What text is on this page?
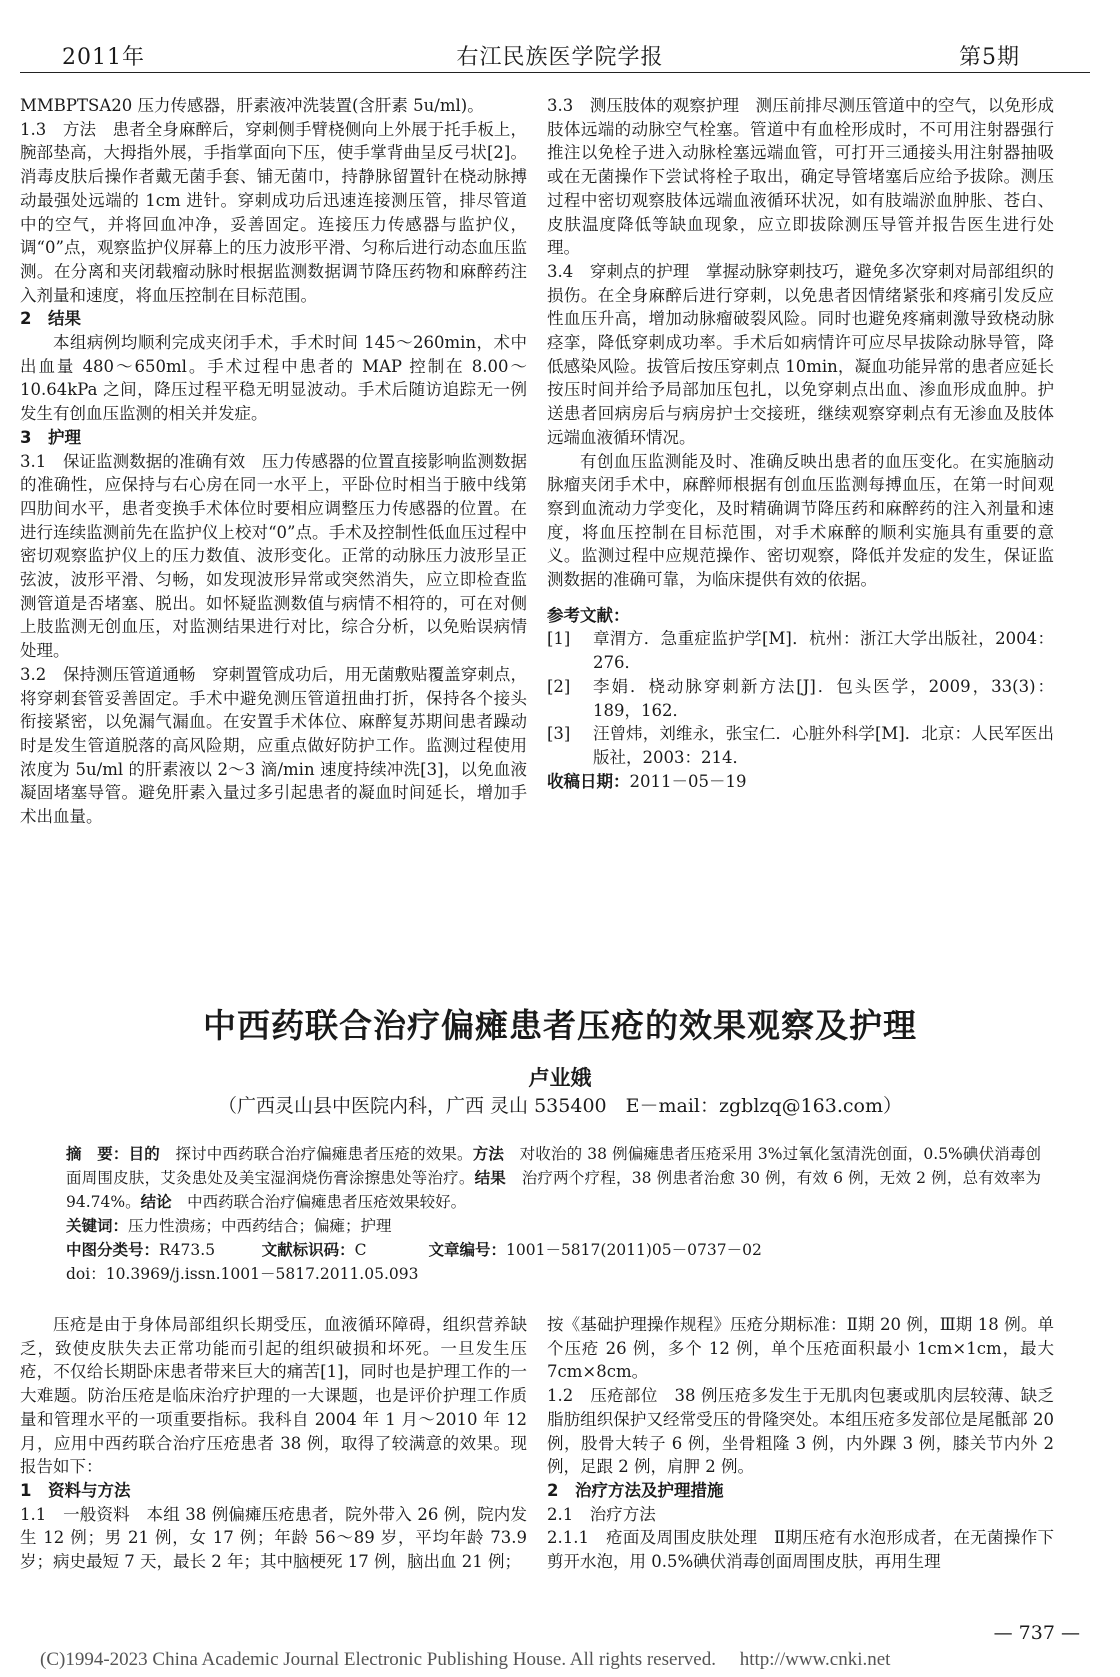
2011年	右江民族医学院学报	第5期

MMBPTSA20 压力传感器，肝素液冲洗装置(含肝素 5u/ml)。

1.3　方法　患者全身麻醉后，穿刺侧手臂桡侧向上外展于托手板上，腕部垫高，大拇指外展，手指掌面向下压，使手掌背曲呈反弓状[2]。消毒皮肤后操作者戴无菌手套、铺无菌巾，持静脉留置针在桡动脉搏动最强处远端的 1cm 进针。穿刺成功后迅速连接测压管，排尽管道中的空气，并将回血冲净，妥善固定。连接压力传感器与监护仪，调“0”点，观察监护仪屏幕上的压力波形平滑、匀称后进行动态血压监测。在分离和夹闭载瘤动脉时根据监测数据调节降压药物和麻醉药注入剂量和速度，将血压控制在目标范围。

2　结果

本组病例均顺利完成夹闭手术，手术时间 145～260min，术中出血量 480～650ml。手术过程中患者的 MAP 控制在 8.00～10.64kPa 之间，降压过程平稳无明显波动。手术后随访追踪无一例发生有创血压监测的相关并发症。

3　护理

3.1　保证监测数据的准确有效　压力传感器的位置直接影响监测数据的准确性，应保持与右心房在同一水平上，平卧位时相当于腋中线第四肋间水平，患者变换手术体位时要相应调整压力传感器的位置。在进行连续监测前先在监护仪上校对“0”点。手术及控制性低血压过程中密切观察监护仪上的压力数值、波形变化。正常的动脉压力波形呈正弦波，波形平滑、匀畅，如发现波形异常或突然消失，应立即检查监测管道是否堵塞、脱出。如怀疑监测数值与病情不相符的，可在对侧上肢监测无创血压，对监测结果进行对比，综合分析，以免贻误病情处理。

3.2　保持测压管道通畅　穿刺置管成功后，用无菌敷贴覆盖穿刺点，将穿刺套管妥善固定。手术中避免测压管道扭曲打折，保持各个接头衔接紧密，以免漏气漏血。在安置手术体位、麻醉复苏期间患者躁动时是发生管道脱落的高风险期，应重点做好防护工作。监测过程使用浓度为 5u/ml 的肝素液以 2～3 滴/min 速度持续冲洗[3]，以免血液凝固堵塞导管。避免肝素入量过多引起患者的凝血时间延长，增加手术出血量。

3.3　测压肢体的观察护理　测压前排尽测压管道中的空气，以免形成肢体远端的动脉空气栓塞。管道中有血栓形成时，不可用注射器强行推注以免栓子进入动脉栓塞远端血管，可打开三通接头用注射器抽吸或在无菌操作下尝试将栓子取出，确定导管堵塞后应给予拔除。测压过程中密切观察肢体远端血液循环状况，如有肢端淤血肿胀、苍白、皮肤温度降低等缺血现象，应立即拔除测压导管并报告医生进行处理。

3.4　穿刺点的护理　掌握动脉穿刺技巧，避免多次穿刺对局部组织的损伤。在全身麻醉后进行穿刺，以免患者因情绪紧张和疼痛引发反应性血压升高，增加动脉瘤破裂风险。同时也避免疼痛刺激导致桡动脉痉挛，降低穿刺成功率。手术后如病情许可应尽早拔除动脉导管，降低感染风险。拔管后按压穿刺点 10min，凝血功能异常的患者应延长按压时间并给予局部加压包扎，以免穿刺点出血、渗血形成血肿。护送患者回病房后与病房护士交接班，继续观察穿刺点有无渗血及肢体远端血液循环情况。

有创血压监测能及时、准确反映出患者的血压变化。在实施脑动脉瘤夹闭手术中，麻醉师根据有创血压监测每搏血压，在第一时间观察到血流动力学变化，及时精确调节降压药和麻醉药的注入剂量和速度，将血压控制在目标范围，对手术麻醉的顺利实施具有重要的意义。监测过程中应规范操作、密切观察，降低并发症的发生，保证监测数据的准确可靠，为临床提供有效的依据。

参考文献：

[1]	章渭方．急重症监护学[M]．杭州：浙江大学出版社，2004：276．
[2]	李娟．桡动脉穿刺新方法[J]．包头医学，2009，33(3)：189，162．
[3]	汪曾炜，刘维永，张宝仁．心脏外科学[M]．北京：人民军医出版社，2003：214．

收稿日期：2011－05－19

中西药联合治疗偏瘫患者压疮的效果观察及护理
卢业娥
（广西灵山县中医院内科，广西 灵山 535400　E－mail：zgblzq@163.com）

摘　要：目的　 探讨中西药联合治疗偏瘫患者压疮的效果。方法　 对收治的 38 例偏瘫患者压疮采用 3%过氧化氢清洗创面，0.5%碘伏消毒创面周围皮肤，艾灸患处及美宝湿润烧伤膏涂擦患处等治疗。结果　 治疗两个疗程，38 例患者治愈 30 例，有效 6 例，无效 2 例，总有效率为 94.74%。结论　 中西药联合治疗偏瘫患者压疮效果较好。

关键词：压力性溃疡；中西药结合；偏瘫；护理

中图分类号：R473.5　　　	文献标识码：C　　　　	文章编号：1001－5817(2011)05－0737－02

doi：10.3969/j.issn.1001－5817.2011.05.093

压疮是由于身体局部组织长期受压，血液循环障碍，组织营养缺乏，致使皮肤失去正常功能而引起的组织破损和坏死。一旦发生压疮，不仅给长期卧床患者带来巨大的痛苦[1]，同时也是护理工作的一大难题。防治压疮是临床治疗护理的一大课题，也是评价护理工作质量和管理水平的一项重要指标。我科自 2004 年 1 月～2010 年 12 月，应用中西药联合治疗压疮患者 38 例，取得了较满意的效果。现报告如下：

1　资料与方法

1.1　一般资料　本组 38 例偏瘫压疮患者，院外带入 26 例，院内发生 12 例；男 21 例，女 17 例；年龄 56～89 岁，平均年龄 73.9 岁；病史最短 7 天，最长 2 年；其中脑梗死 17 例，脑出血 21 例；

按《基础护理操作规程》压疮分期标准：Ⅱ期 20 例，Ⅲ期 18 例。单个压疮 26 例，多个 12 例，单个压疮面积最小 1cm×1cm，最大 7cm×8cm。

1.2　压疮部位　38 例压疮多发生于无肌肉包裹或肌肉层较薄、缺乏脂肪组织保护又经常受压的骨隆突处。本组压疮多发部位是尾骶部 20 例，股骨大转子 6 例，坐骨粗隆 3 例，内外踝 3 例，膝关节内外 2 例，足跟 2 例，肩胛 2 例。

2　治疗方法及护理措施

2.1　治疗方法

2.1.1　疮面及周围皮肤处理　Ⅱ期压疮有水泡形成者，在无菌操作下剪开水泡，用 0.5%碘伏消毒创面周围皮肤，再用生理

— 737 —
(C)1994-2023 China Academic Journal Electronic Publishing House. All rights reserved.　 http://www.cnki.net
